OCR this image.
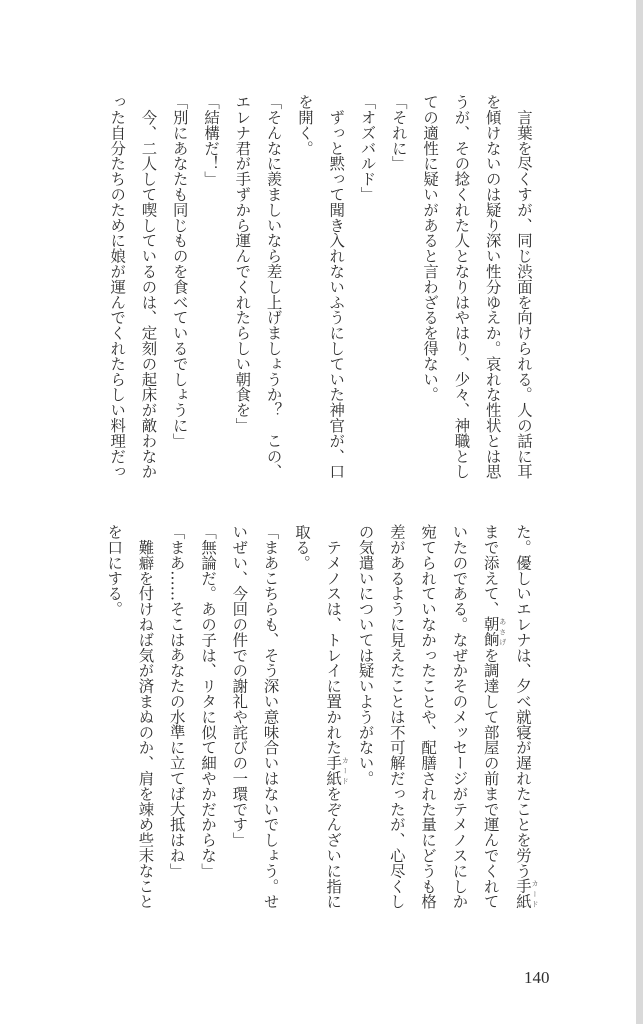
　言葉を尽くすが、同じ渋面を向けられる。人の話に耳
を傾けないのは疑り深い性分ゆえか。哀れな性状とは思
うが、その捻くれた人となりはやはり、少々、神職とし
ての適性に疑いがあると言わざるを得ない。
「それに」
「オズバルド」
　ずっと黙って聞き入れないふうにしていた神官が、口
を開く。
「そんなに羨ましいなら差し上げましょうか？　この、
エレナ君が手ずから運んでくれたらしい朝食を」
「結構だ！」
「別にあなたも同じものを食べているでしょうに」
　今、二人して喫しているのは、定刻の起床が敵わなか
った自分たちのために娘が運んでくれたらしい料理だっ
た。優しいエレナは、夕べ就寝が遅れたことを労う手紙 カード
まで添えて、朝餉 あさげを調達して部屋の前まで運んでくれて
いたのである。なぜかそのメッセージがテメノスにしか
宛てられていなかったことや、配膳された量にどうも格
差があるように見えたことは不可解だったが、心尽くし
の気遣いについては疑いようがない。
　テメノスは、トレイに置かれた手紙 カードをぞんざいに指に
取る。
「まあこちらも、そう深い意味合いはないでしょう。せ
いぜい、今回の件での謝礼や詫びの一環です」
「無論だ。あの子は、リタに似て細やかだからな」
「まあ……そこはあなたの水準に立てば大抵はね」
　難癖を付けねば気が済まぬのか、肩を竦め些末なこと
を口にする。
140
